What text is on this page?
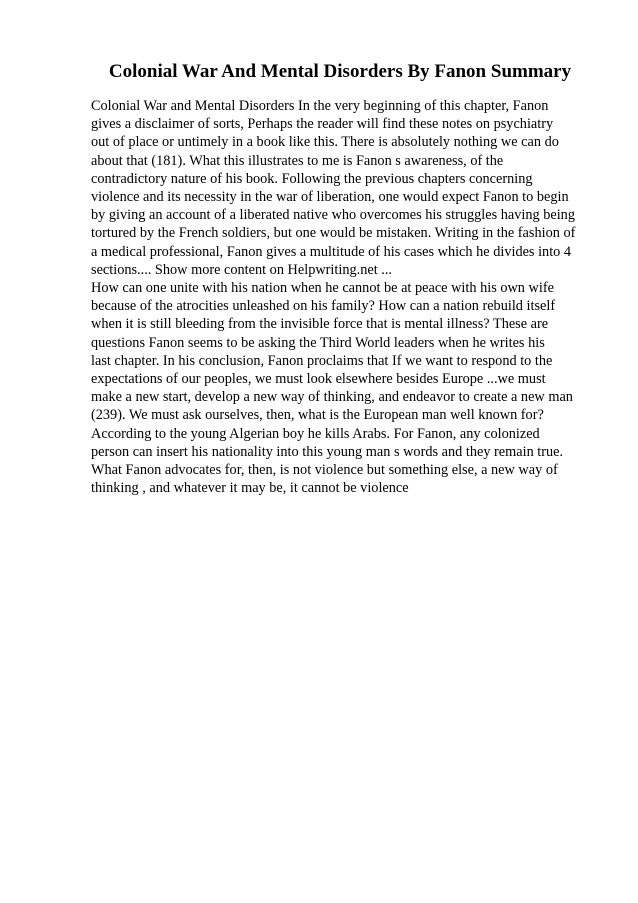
Colonial War And Mental Disorders By Fanon Summary
Colonial War and Mental Disorders In the very beginning of this chapter, Fanon
gives a disclaimer of sorts, Perhaps the reader will find these notes on psychiatry
out of place or untimely in a book like this. There is absolutely nothing we can do
about that (181). What this illustrates to me is Fanon s awareness, of the
contradictory nature of his book. Following the previous chapters concerning
violence and its necessity in the war of liberation, one would expect Fanon to begin
by giving an account of a liberated native who overcomes his struggles having being
tortured by the French soldiers, but one would be mistaken. Writing in the fashion of
a medical professional, Fanon gives a multitude of his cases which he divides into 4
sections.... Show more content on Helpwriting.net ...
How can one unite with his nation when he cannot be at peace with his own wife
because of the atrocities unleashed on his family? How can a nation rebuild itself
when it is still bleeding from the invisible force that is mental illness? These are
questions Fanon seems to be asking the Third World leaders when he writes his
last chapter. In his conclusion, Fanon proclaims that If we want to respond to the
expectations of our peoples, we must look elsewhere besides Europe ...we must
make a new start, develop a new way of thinking, and endeavor to create a new man
(239). We must ask ourselves, then, what is the European man well known for?
According to the young Algerian boy he kills Arabs. For Fanon, any colonized
person can insert his nationality into this young man s words and they remain true.
What Fanon advocates for, then, is not violence but something else, a new way of
thinking , and whatever it may be, it cannot be violence
